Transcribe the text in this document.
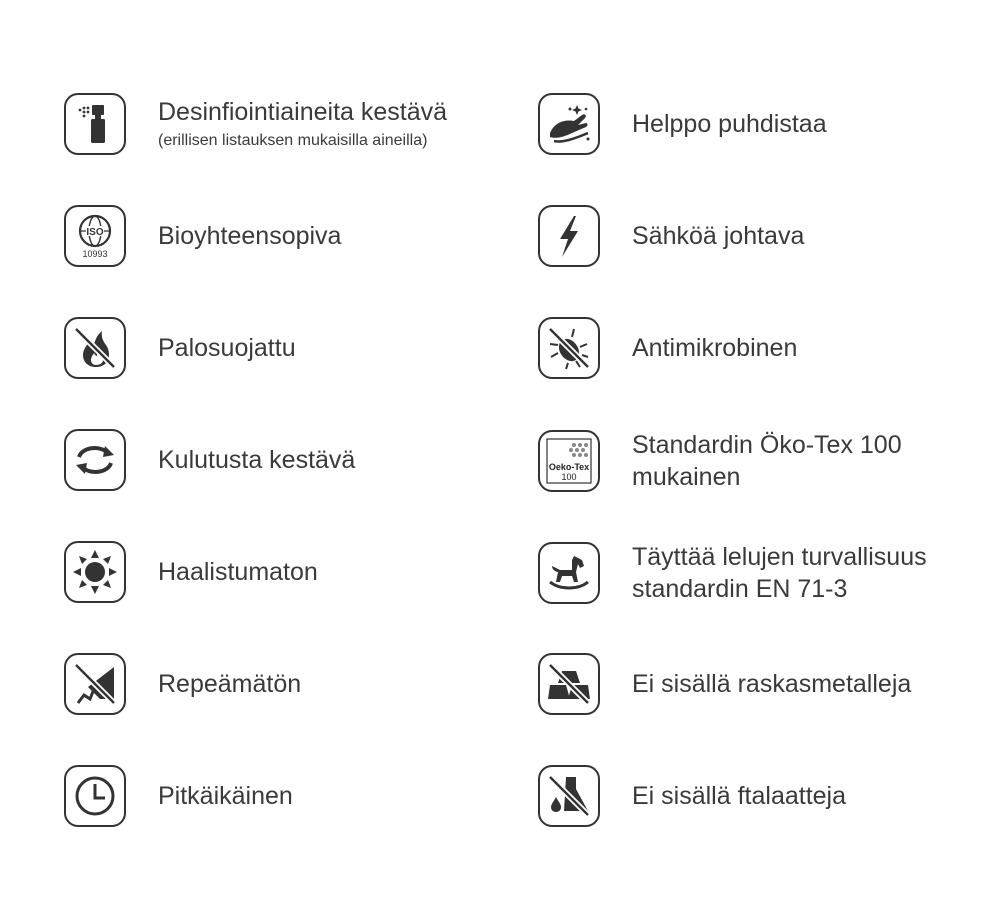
Desinfiointiaineita kestävä
(erillisen listauksen mukaisilla aineilla)
ISO
10993
Bioyhteensopiva
Palosuojattu
Kulutusta kestävä
Haalistumaton
Repeämätön
Pitkäikäinen
Helppo puhdistaa
Sähköä johtava
Antimikrobinen
Oeko-Tex
100
Standardin Öko-Tex 100
mukainen
Täyttää lelujen turvallisuus
standardin EN 71-3
Ei sisällä raskasmetalleja
Ei sisällä ftalaatteja
